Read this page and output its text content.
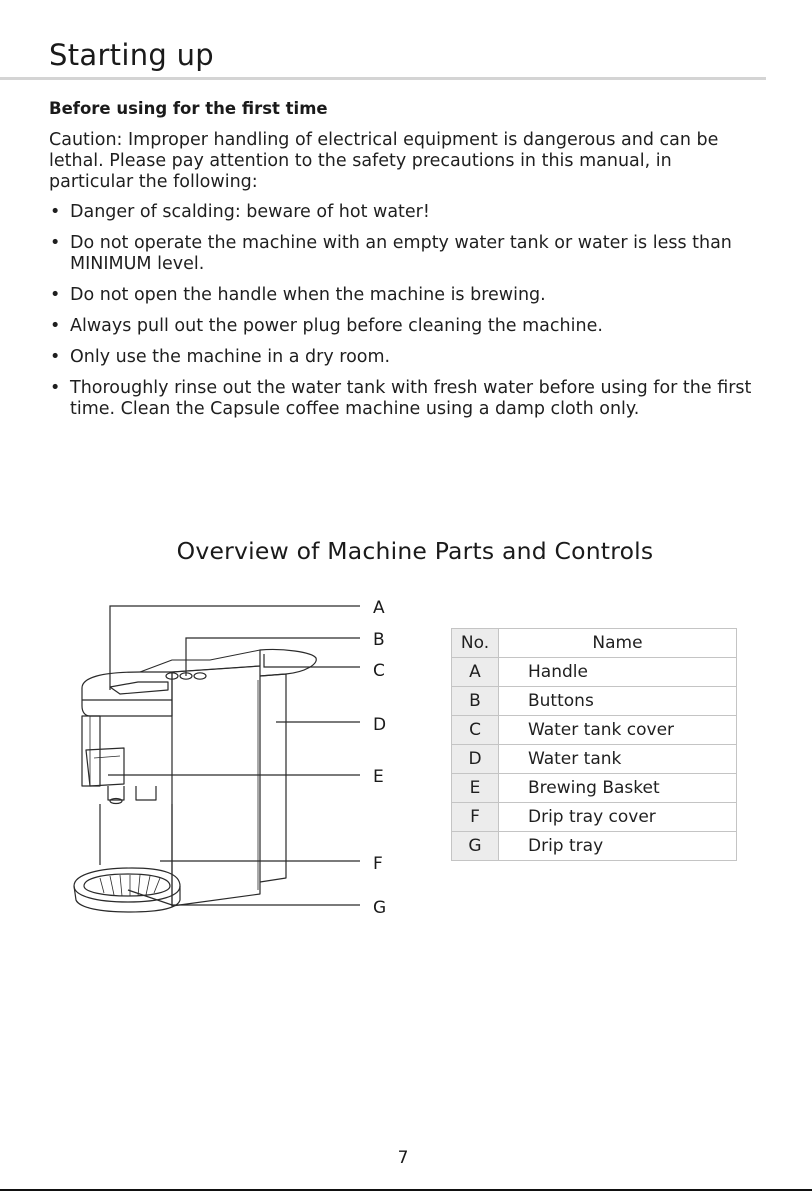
Starting up
Before using for the first time

Caution: Improper handling of electrical equipment is dangerous and can be lethal. Please pay attention to the safety precautions in this manual, in particular the following:

• Danger of scalding: beware of hot water!
• Do not operate the machine with an empty water tank or water is less than MINIMUM level.
• Do not open the handle when the machine is brewing.
• Always pull out the power plug before cleaning the machine.
• Only use the machine in a dry room.
• Thoroughly rinse out the water tank with fresh water before using for the first time. Clean the Capsule coffee machine using a damp cloth only.
Overview of Machine Parts and Controls
A
B
C
D
E
F
G
No.	Name
A	Handle
B	Buttons
C	Water tank cover
D	Water tank
E	Brewing Basket
F	Drip tray cover
G	Drip tray
7
